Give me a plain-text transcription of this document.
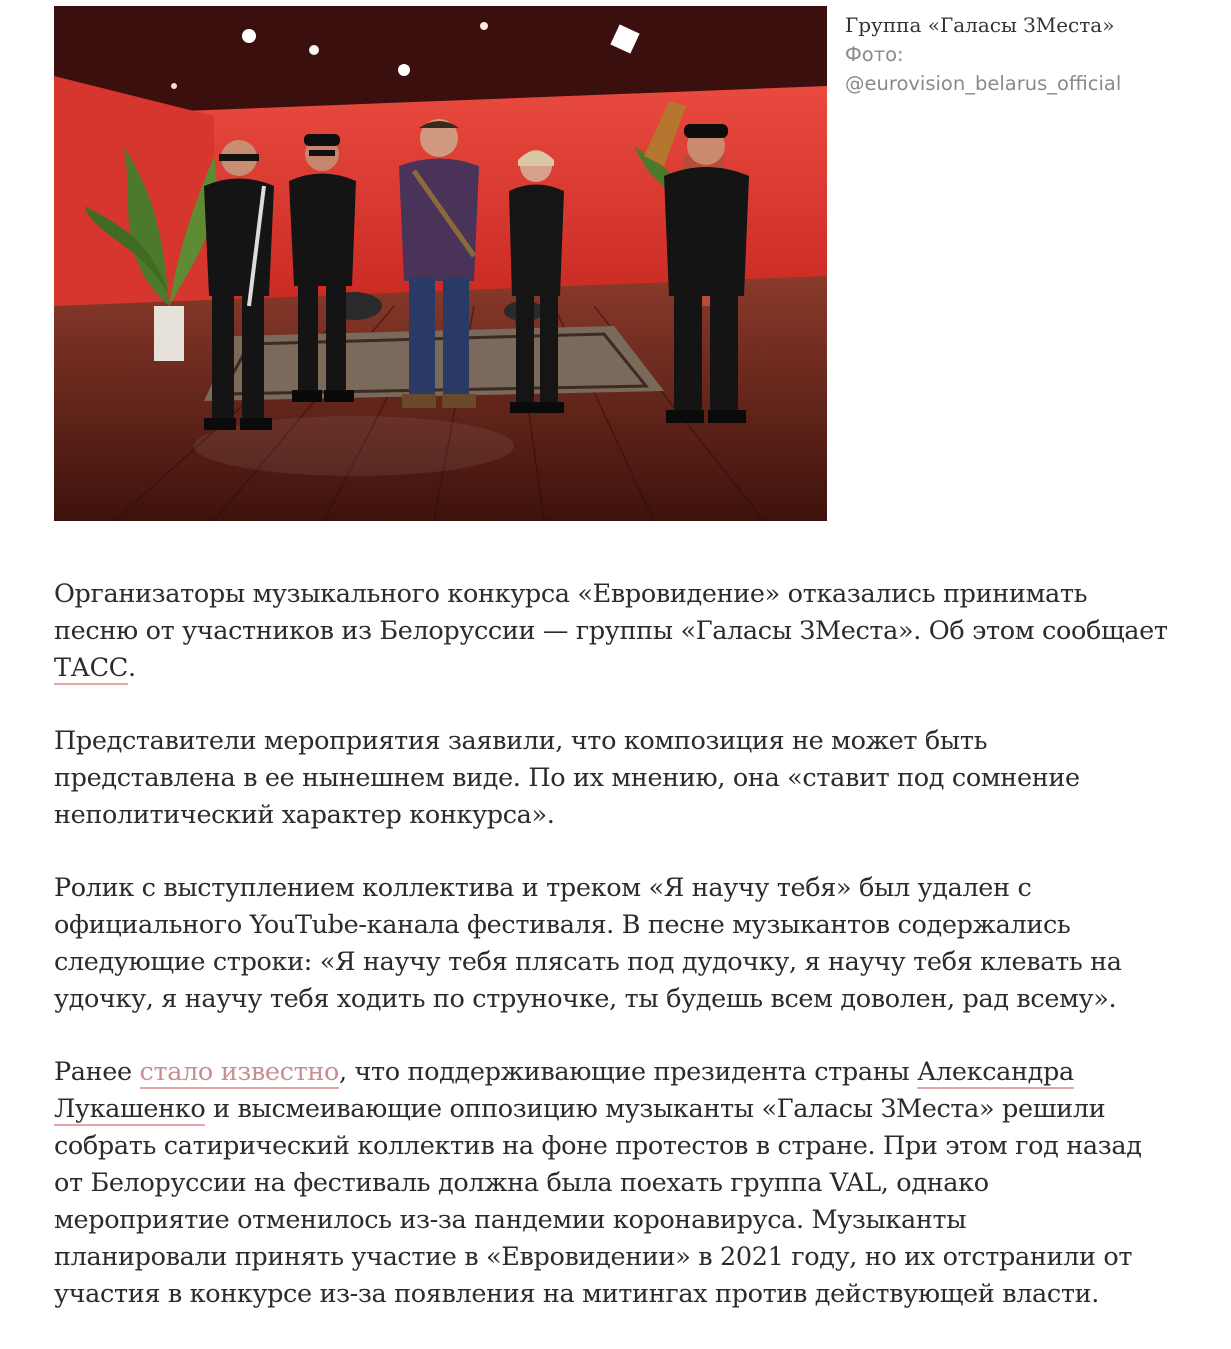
Группа «Галасы ЗМеста»
Фото:
@eurovision_belarus_official

Организаторы музыкального конкурса «Евровидение» отказались принимать
песню от участников из Белоруссии — группы «Галасы ЗМеста». Об этом сообщает
ТАСС.

Представители мероприятия заявили, что композиция не может быть
представлена в ее нынешнем виде. По их мнению, она «ставит под сомнение
неполитический характер конкурса».

Ролик с выступлением коллектива и треком «Я научу тебя» был удален с
официального YouTube-канала фестиваля. В песне музыкантов содержались
следующие строки: «Я научу тебя плясать под дудочку, я научу тебя клевать на
удочку, я научу тебя ходить по струночке, ты будешь всем доволен, рад всему».

Ранее стало известно, что поддерживающие президента страны Александра
Лукашенко и высмеивающие оппозицию музыканты «Галасы ЗМеста» решили
собрать сатирический коллектив на фоне протестов в стране. При этом год назад
от Белоруссии на фестиваль должна была поехать группа VAL, однако
мероприятие отменилось из-за пандемии коронавируса. Музыканты
планировали принять участие в «Евровидении» в 2021 году, но их отстранили от
участия в конкурсе из-за появления на митингах против действующей власти.
